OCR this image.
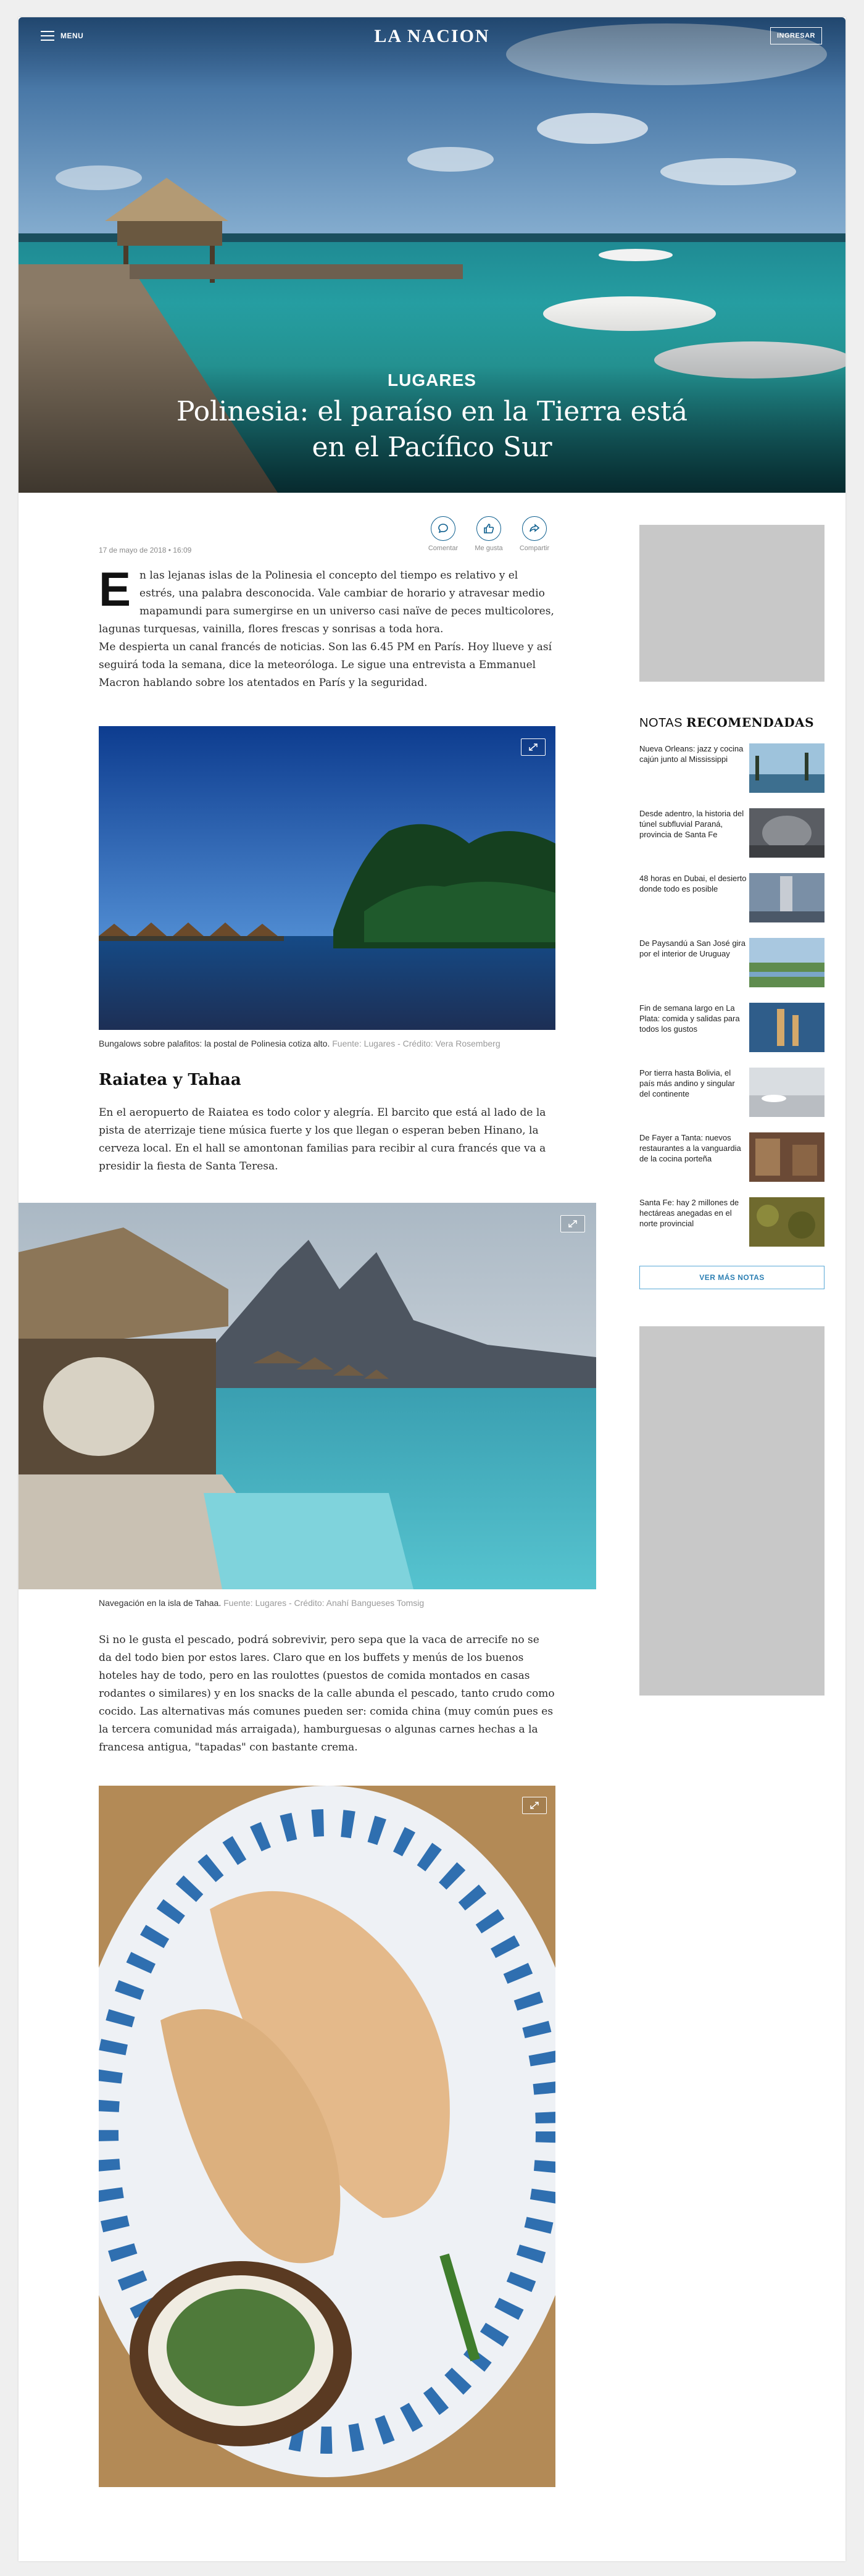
MENU	LA NACION	INGRESAR
LUGARES
Polinesia: el paraíso en la Tierra está
en el Pacífico Sur
17 de mayo de 2018 • 16:09	Comentar	Me gusta	Compartir
E n las lejanas islas de la Polinesia el concepto del tiempo es relativo y el estrés, una palabra desconocida. Vale cambiar de horario y atravesar medio mapamundi para sumergirse en un universo casi naïve de peces multicolores, lagunas turquesas, vainilla, flores frescas y sonrisas a toda hora.
Me despierta un canal francés de noticias. Son las 6.45 PM en París. Hoy llueve y así seguirá toda la semana, dice la meteoróloga. Le sigue una entrevista a Emmanuel Macron hablando sobre los atentados en París y la seguridad.
Bungalows sobre palafitos: la postal de Polinesia cotiza alto. Fuente: Lugares - Crédito: Vera Rosemberg
Raiatea y Tahaa
En el aeropuerto de Raiatea es todo color y alegría. El barcito que está al lado de la pista de aterrizaje tiene música fuerte y los que llegan o esperan beben Hinano, la cerveza local. En el hall se amontonan familias para recibir al cura francés que va a presidir la fiesta de Santa Teresa.
Navegación en la isla de Tahaa. Fuente: Lugares - Crédito: Anahí Bangueses Tomsig
Si no le gusta el pescado, podrá sobrevivir, pero sepa que la vaca de arrecife no se da del todo bien por estos lares. Claro que en los buffets y menús de los buenos hoteles hay de todo, pero en las roulottes (puestos de comida montados en casas rodantes o similares) y en los snacks de la calle abunda el pescado, tanto crudo como cocido. Las alternativas más comunes pueden ser: comida china (muy común pues es la tercera comunidad más arraigada), hamburguesas o algunas carnes hechas a la francesa antigua, "tapadas" con bastante crema.
NOTAS RECOMENDADAS
Nueva Orleans: jazz y cocina cajún junto al Mississippi
Desde adentro, la historia del túnel subfluvial Paraná, provincia de Santa Fe
48 horas en Dubai, el desierto donde todo es posible
De Paysandú a San José gira por el interior de Uruguay
Fin de semana largo en La Plata: comida y salidas para todos los gustos
Por tierra hasta Bolivia, el país más andino y singular del continente
De Fayer a Tanta: nuevos restaurantes a la vanguardia de la cocina porteña
Santa Fe: hay 2 millones de hectáreas anegadas en el norte provincial
VER MÁS NOTAS
